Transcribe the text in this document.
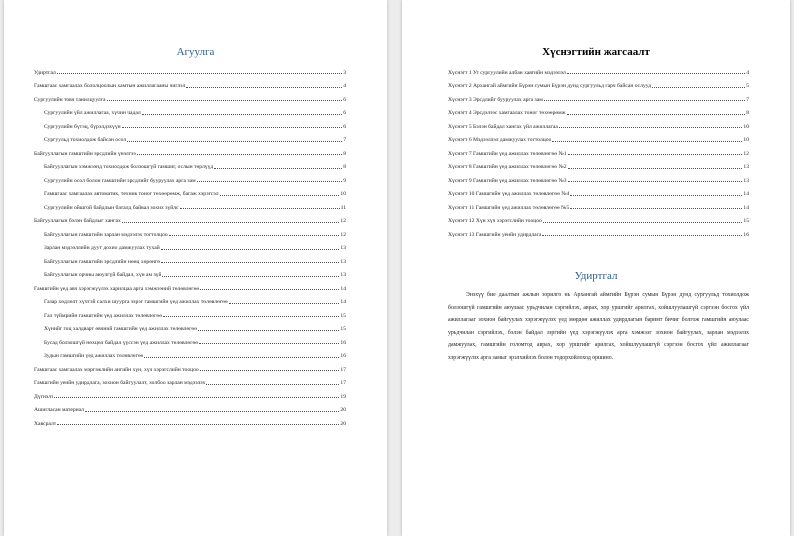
Агуулга
Удиртгал	3
Гамшгаас хамгаалах бололцоолын хамтын ажиллагааны чиглэл	4
Сургуулийн товч танилцуулга	6
Сургуулийн үйл ажиллагаа, хүчин чадал	6
Сургуулийн бүтэц, бүрэлдэхүүн	6
Сургуульд тохиолдож байсан осол	7
Байгууллагын гамшгийн эрсдлийн үнэлгээ	8
Байгууллагын хэмжээнд тохиолдож болзошгүй гамшиг, ослын төрлүүд	8
Сургуулийн осол болон гамшгийн эрсдлийг бууруулах арга зам	9
Гамшгаас хамгаалах автоматик, техник тоног төхөөрөмж, багаж хэрэгсэл	10
Сургуулийн ойшгой байдлын баталд байвал зохих зүйлс	11
Байгууллагын бэлэн байдлыг хангах	12
Байгууллагын гамшгийн зарлан мэдээлэх тогтолцоо	12
Зарлан мэдээллийн дуут дохио дамжуулах тухай	13
Байгууллагын гамшгийн эрсдлийн нөөц хөрөнгө	13
Байгууллагын орчны аюулгүй байдал, хүн ам зүй	13
Гамшгийн үед авч хэрэгжүүлэх харилцаа арга хэмжээний төлөвлөгөө	14
Газар хөдлөлт хүчтэй салхи шуурга зэрэг гамшгийн үед ажиллах төлөвлөгөө	14
Гал түймрийн гамшгийн үед ажиллах төлөвлөгөө	15
Хүнийг гоц халдварт өвчний гамшгийн үед ажиллах төлөвлөгөө	15
Бусад болзошгүй нөхцөл байдал үүссэн үед ажиллах төлөвлөгөө	16
Зудын гамшгийн үед ажиллах төлөвлөгөө	16
Гамшгаас хамгаалах мэргэжлийн ангийн хүн, хүч хэрэгслийн тооцоо	17
Гамшгийн уеийн удирдлага, зохион байгуулалт, холбоо зарлан мэдээлэх	17
Дүгнэлт	19
Ашигласан материал	20
Хавсралт	20
Хүснэгтийн жагсаалт
Хүснэгт 1 Уг сургуулийн албан хаягийн мэдээлэл	4
Хүснэгт 2 Архангай аймгийн Бүрэн сумын Бүрэн дунд сургуульд гарч байсан ослууд	5
Хүснэгт 3 Эрсдлийг бууруулах арга зам	7
Хүснэгт 4 Эрсдэлээс хамгаалах тоног төхөөрөмж	8
Хүснэгт 5 Бэлэн байдал хангах үйл ажиллагаа	10
Хүснэгт 6 Мэдээллэл дамжуулах тогтолцоо	10
Хүснэгт 7 Гамшгийн үед ажиллах төлөвлөгөө №1	12
Хүснэгт 8 Гамшгийн үед ажиллах төлөвлөгөө №2	13
Хүснэгт 9 Гамшгийн үед ажиллах төлөвлөгөө №3	13
Хүснэгт 10 Гамшгийн үед ажиллах төлөвлөгөө №4	14
Хүснэгт 11 Гамшгийн үед ажиллах төлөвлөгөө №5	14
Хүснэгт 12 Хүн хүч хэрэгслийн тооцоо	15
Хүснэгт 13 Гамшгийн уеийн удирдлага	16
Удиртгал
Энэхүү бие даалтын ажлын зорилго нь Архангай аймгийн Бүрэн сумын Бүрэн дунд сургуульд тохиолдож болзошгүй гамшгийн аюулаас урьдчилан сэргийлэх, аврах, хор уршгийг арилгах, хойшлуулашгүй сэргээн босгох үйл ажиллагааг зохион байгуулах хэрэгжүүлэх үед мөрдөн ажиллах удирдлагын баримт бичиг болгож гамшгийн аюулаас урьдчилан сэргийлэх, бэлэн байдал зэргийн үед хэрэгжүүлэх арга хэмжээг зохион байгуулах, зарлан мэдээлэх дамжуулах, гамшгийн голомтод аврах, хор уршгийг арилгах, хойшлуулашгүй сэргээн босгох үйл ажиллагааг хэрэгжүүлэх арга замыг эрэлхийлэх болон тодорхойлоход оршино.
